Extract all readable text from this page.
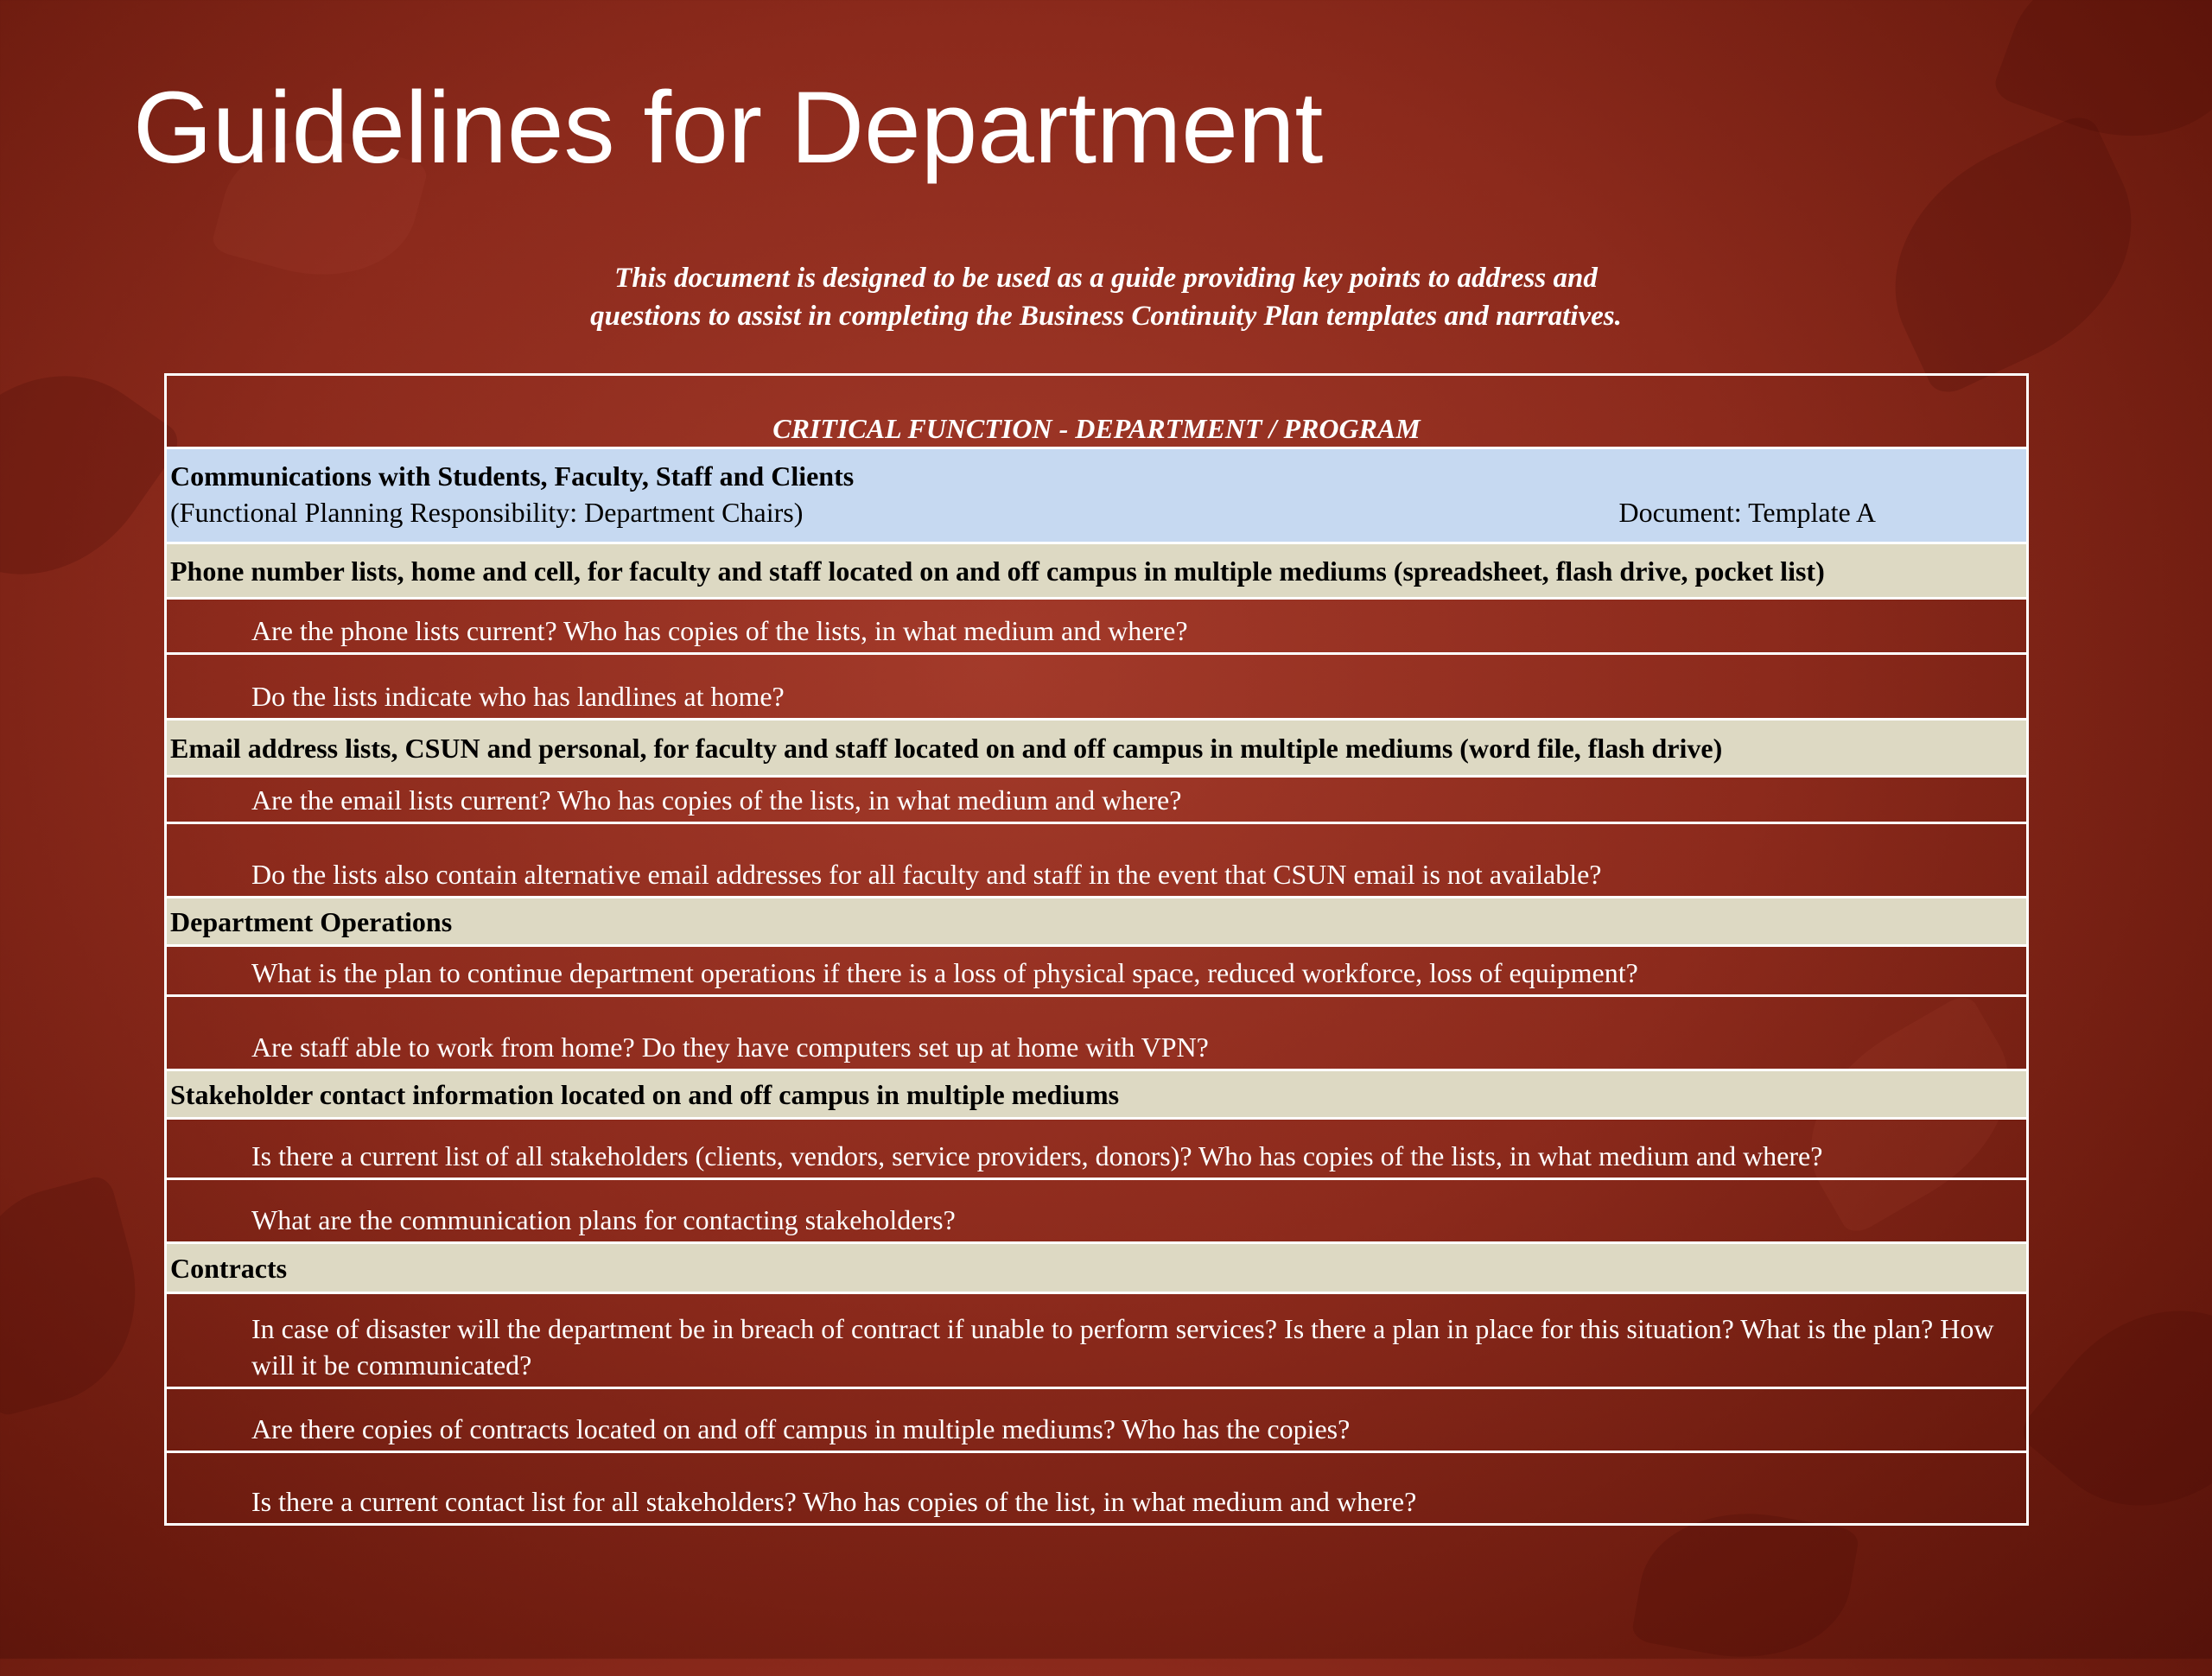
Guidelines for Department
This document is designed to be used as a guide providing key points to address and
questions to assist in completing the Business Continuity Plan templates and narratives.
CRITICAL FUNCTION - DEPARTMENT / PROGRAM
Communications with Students, Faculty, Staff and Clients
(Functional Planning Responsibility: Department Chairs)	Document: Template A
Phone number lists, home and cell, for faculty and staff located on and off campus in multiple mediums (spreadsheet, flash drive, pocket list)
Are the phone lists current? Who has copies of the lists, in what medium and where?
Do the lists indicate who has landlines at home?
Email address lists, CSUN and personal, for faculty and staff located on and off campus in multiple mediums (word file, flash drive)
Are the email lists current? Who has copies of the lists, in what medium and where?
Do the lists also contain alternative email addresses for all faculty and staff in the event that CSUN email is not available?
Department Operations
What is the plan to continue department operations if there is a loss of physical space, reduced workforce, loss of equipment?
Are staff able to work from home? Do they have computers set up at home with VPN?
Stakeholder contact information located on and off campus in multiple mediums
Is there a current list of all stakeholders (clients, vendors, service providers, donors)? Who has copies of the lists, in what medium and where?
What are the communication plans for contacting stakeholders?
Contracts
In case of disaster will the department be in breach of contract if unable to perform services? Is there a plan in place for this situation? What is the plan? How will it be communicated?
Are there copies of contracts located on and off campus in multiple mediums? Who has the copies?
Is there a current contact list for all stakeholders? Who has copies of the list, in what medium and where?
